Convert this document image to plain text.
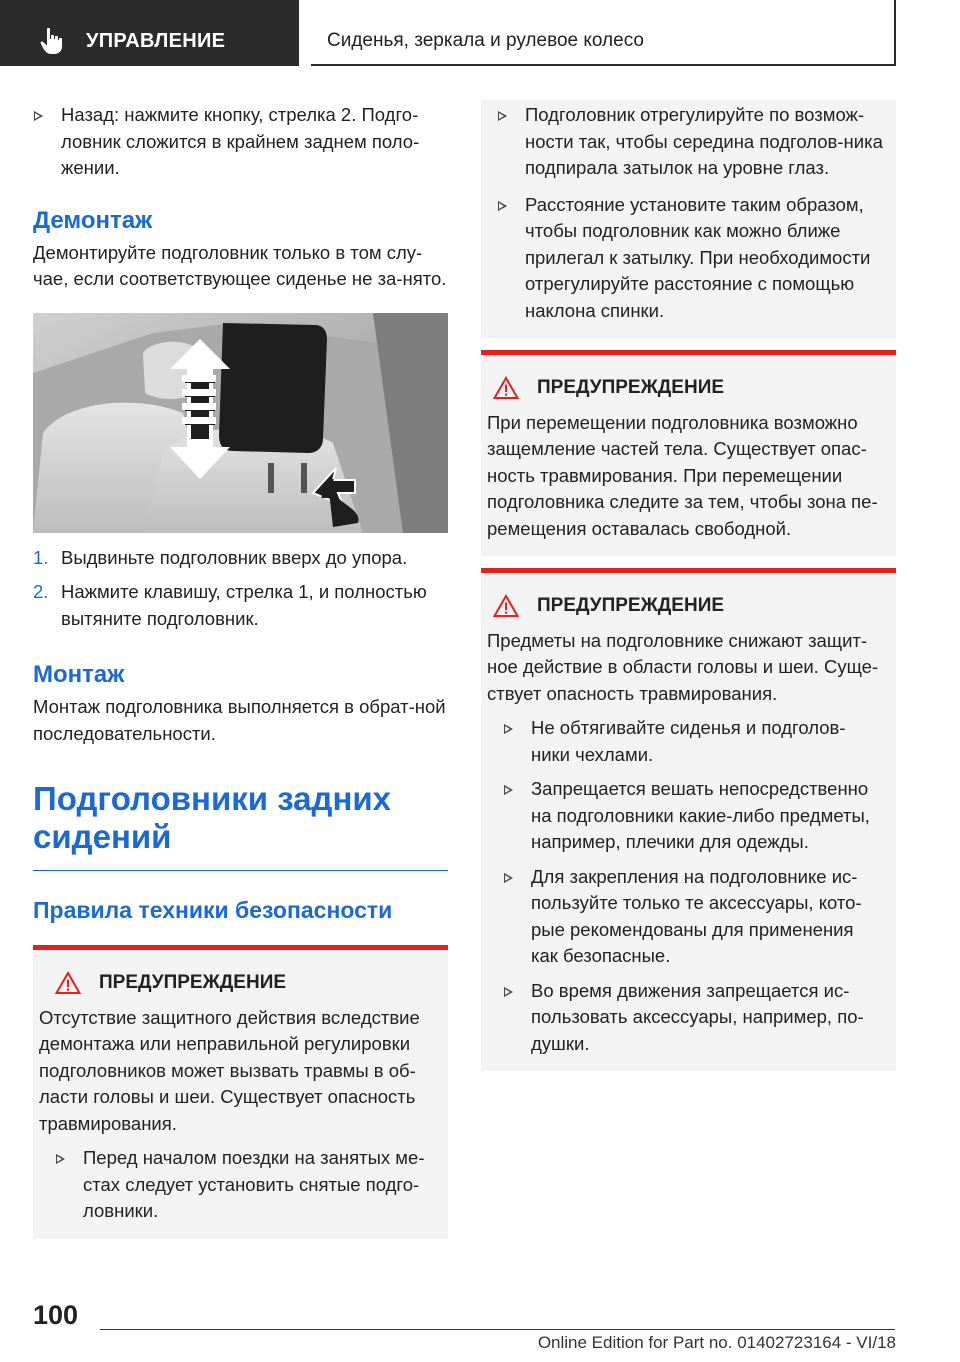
УПРАВЛЕНИЕ	Сиденья, зеркала и рулевое колесо
Назад: нажмите кнопку, стрелка 2. Подго-ловник сложится в крайнем заднем поло-жении.
Демонтаж
Демонтируйте подголовник только в том слу-чае, если соответствующее сиденье не за-нято.
1
1. Выдвиньте подголовник вверх до упора.
2. Нажмите клавишу, стрелка 1, и полностью вытяните подголовник.
Монтаж
Монтаж подголовника выполняется в обрат-ной последовательности.
Подголовники задних сидений
Правила техники безопасности
ПРЕДУПРЕЖДЕНИЕ
Отсутствие защитного действия вследствие демонтажа или неправильной регулировки подголовников может вызвать травмы в об-ласти головы и шеи. Существует опасность травмирования.
Перед началом поездки на занятых ме-стах следует установить снятые подго-ловники.
Подголовник отрегулируйте по возмож-ности так, чтобы середина подголов-ника подпирала затылок на уровне глаз.
Расстояние установите таким образом, чтобы подголовник как можно ближе прилегал к затылку. При необходимости отрегулируйте расстояние с помощью наклона спинки.
ПРЕДУПРЕЖДЕНИЕ
При перемещении подголовника возможно защемление частей тела. Существует опас-ность травмирования. При перемещении подголовника следите за тем, чтобы зона пе-ремещения оставалась свободной.
ПРЕДУПРЕЖДЕНИЕ
Предметы на подголовнике снижают защит-ное действие в области головы и шеи. Суще-ствует опасность травмирования.
Не обтягивайте сиденья и подголов-ники чехлами.
Запрещается вешать непосредственно на подголовники какие-либо предметы, например, плечики для одежды.
Для закрепления на подголовнике ис-пользуйте только те аксессуары, кото-рые рекомендованы для применения как безопасные.
Во время движения запрещается ис-пользовать аксессуары, например, по-душки.
100
Online Edition for Part no. 01402723164 - VI/18
